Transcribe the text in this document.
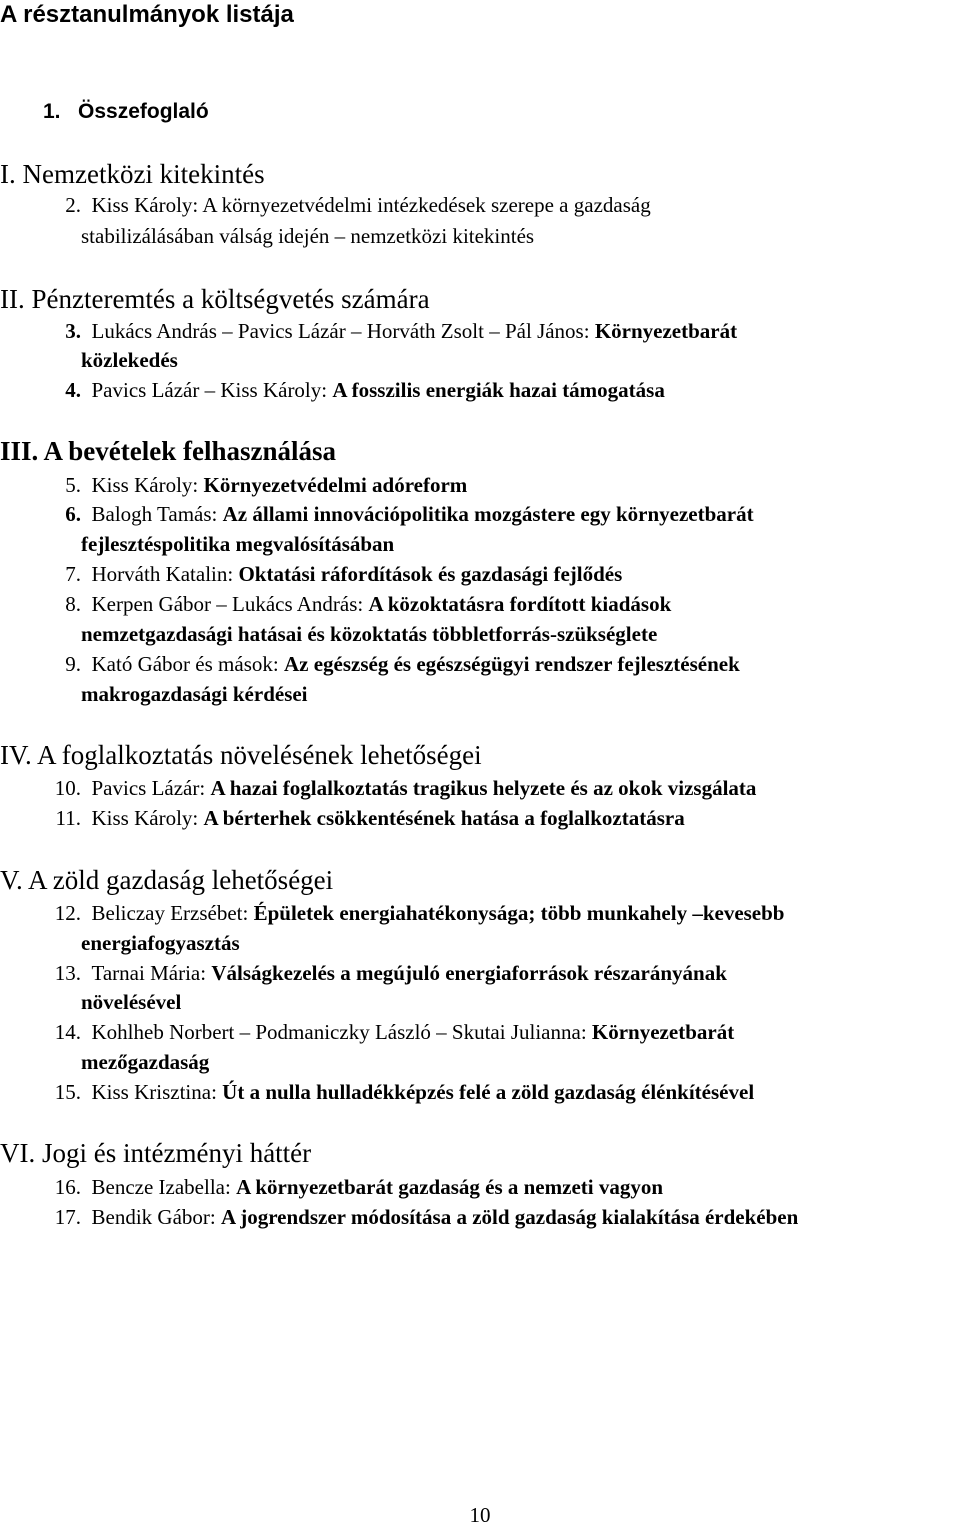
A résztanulmányok listája
1.   Összefoglaló
I. Nemzetközi kitekintés
2. Kiss Károly: A környezetvédelmi intézkedések szerepe a gazdaság
stabilizálásában válság idején – nemzetközi kitekintés
II. Pénzteremtés a költségvetés számára
3. Lukács András – Pavics Lázár – Horváth Zsolt – Pál János: Környezetbarát
közlekedés
4. Pavics Lázár – Kiss Károly: A fosszilis energiák hazai támogatása
III. A bevételek felhasználása
5. Kiss Károly: Környezetvédelmi adóreform
6. Balogh Tamás: Az állami innovációpolitika mozgástere egy környezetbarát
fejlesztéspolitika megvalósításában
7. Horváth Katalin: Oktatási ráfordítások és gazdasági fejlődés
8. Kerpen Gábor – Lukács András: A közoktatásra fordított kiadások
nemzetgazdasági hatásai és közoktatás többletforrás-szükséglete
9. Kató Gábor és mások: Az egészség és egészségügyi rendszer fejlesztésének
makrogazdasági kérdései
IV. A foglalkoztatás növelésének lehetőségei
10. Pavics Lázár: A hazai foglalkoztatás tragikus helyzete és az okok vizsgálata
11. Kiss Károly: A bérterhek csökkentésének hatása a foglalkoztatásra
V. A zöld gazdaság lehetőségei
12. Beliczay Erzsébet: Épületek energiahatékonysága; több munkahely –kevesebb
energiafogyasztás
13. Tarnai Mária: Válságkezelés a megújuló energiaforrások részarányának
növelésével
14. Kohlheb Norbert – Podmaniczky László – Skutai Julianna: Környezetbarát
mezőgazdaság
15. Kiss Krisztina: Út a nulla hulladékképzés felé a zöld gazdaság élénkítésével
VI. Jogi és intézményi háttér
16. Bencze Izabella: A környezetbarát gazdaság és a nemzeti vagyon
17. Bendik Gábor: A jogrendszer módosítása a zöld gazdaság kialakítása érdekében
10
